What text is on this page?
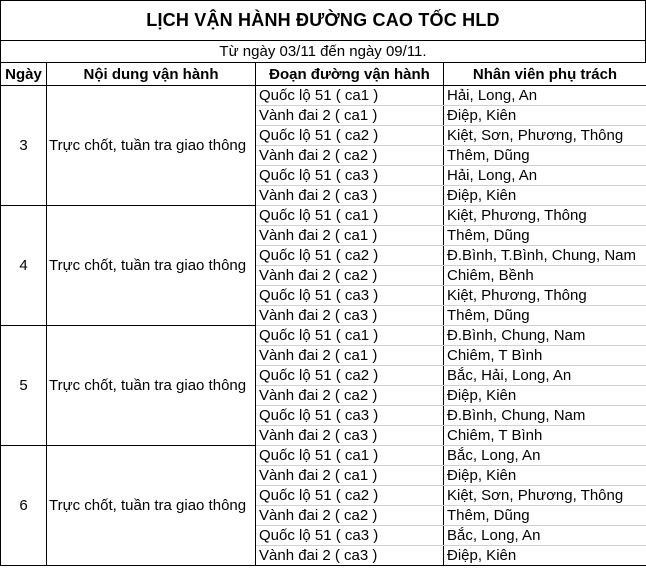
LỊCH VẬN HÀNH ĐƯỜNG CAO TỐC HLD
Từ ngày 03/11 đến ngày 09/11.
Ngày	Nội dung vận hành	Đoạn đường vận hành	Nhân viên phụ trách
3	Trực chốt, tuần tra giao thông	Quốc lộ 51 ( ca1 )	Hải, Long, An
		Vành đai 2 ( ca1 )	Điệp, Kiên
		Quốc lộ 51 ( ca2 )	Kiệt, Sơn, Phương, Thông
		Vành đai 2 ( ca2 )	Thêm, Dũng
		Quốc lộ 51 ( ca3 )	Hải, Long, An
		Vành đai 2 ( ca3 )	Điệp, Kiên
4	Trực chốt, tuần tra giao thông	Quốc lộ 51 ( ca1 )	Kiệt, Phương, Thông
		Vành đai 2 ( ca1 )	Thêm, Dũng
		Quốc lộ 51 ( ca2 )	Đ.Bình, T.Bình, Chung, Nam
		Vành đai 2 ( ca2 )	Chiêm, Bềnh
		Quốc lộ 51 ( ca3 )	Kiệt, Phương, Thông
		Vành đai 2 ( ca3 )	Thêm, Dũng
5	Trực chốt, tuần tra giao thông	Quốc lộ 51 ( ca1 )	Đ.Bình, Chung, Nam
		Vành đai 2 ( ca1 )	Chiêm, T Bình
		Quốc lộ 51 ( ca2 )	Bắc, Hải, Long, An
		Vành đai 2 ( ca2 )	Điệp, Kiên
		Quốc lộ 51 ( ca3 )	Đ.Bình, Chung, Nam
		Vành đai 2 ( ca3 )	Chiêm, T Bình
6	Trực chốt, tuần tra giao thông	Quốc lộ 51 ( ca1 )	Bắc, Long, An
		Vành đai 2 ( ca1 )	Điệp, Kiên
		Quốc lộ 51 ( ca2 )	Kiệt, Sơn, Phương, Thông
		Vành đai 2 ( ca2 )	Thêm, Dũng
		Quốc lộ 51 ( ca3 )	Bắc, Long, An
		Vành đai 2 ( ca3 )	Điệp, Kiên
